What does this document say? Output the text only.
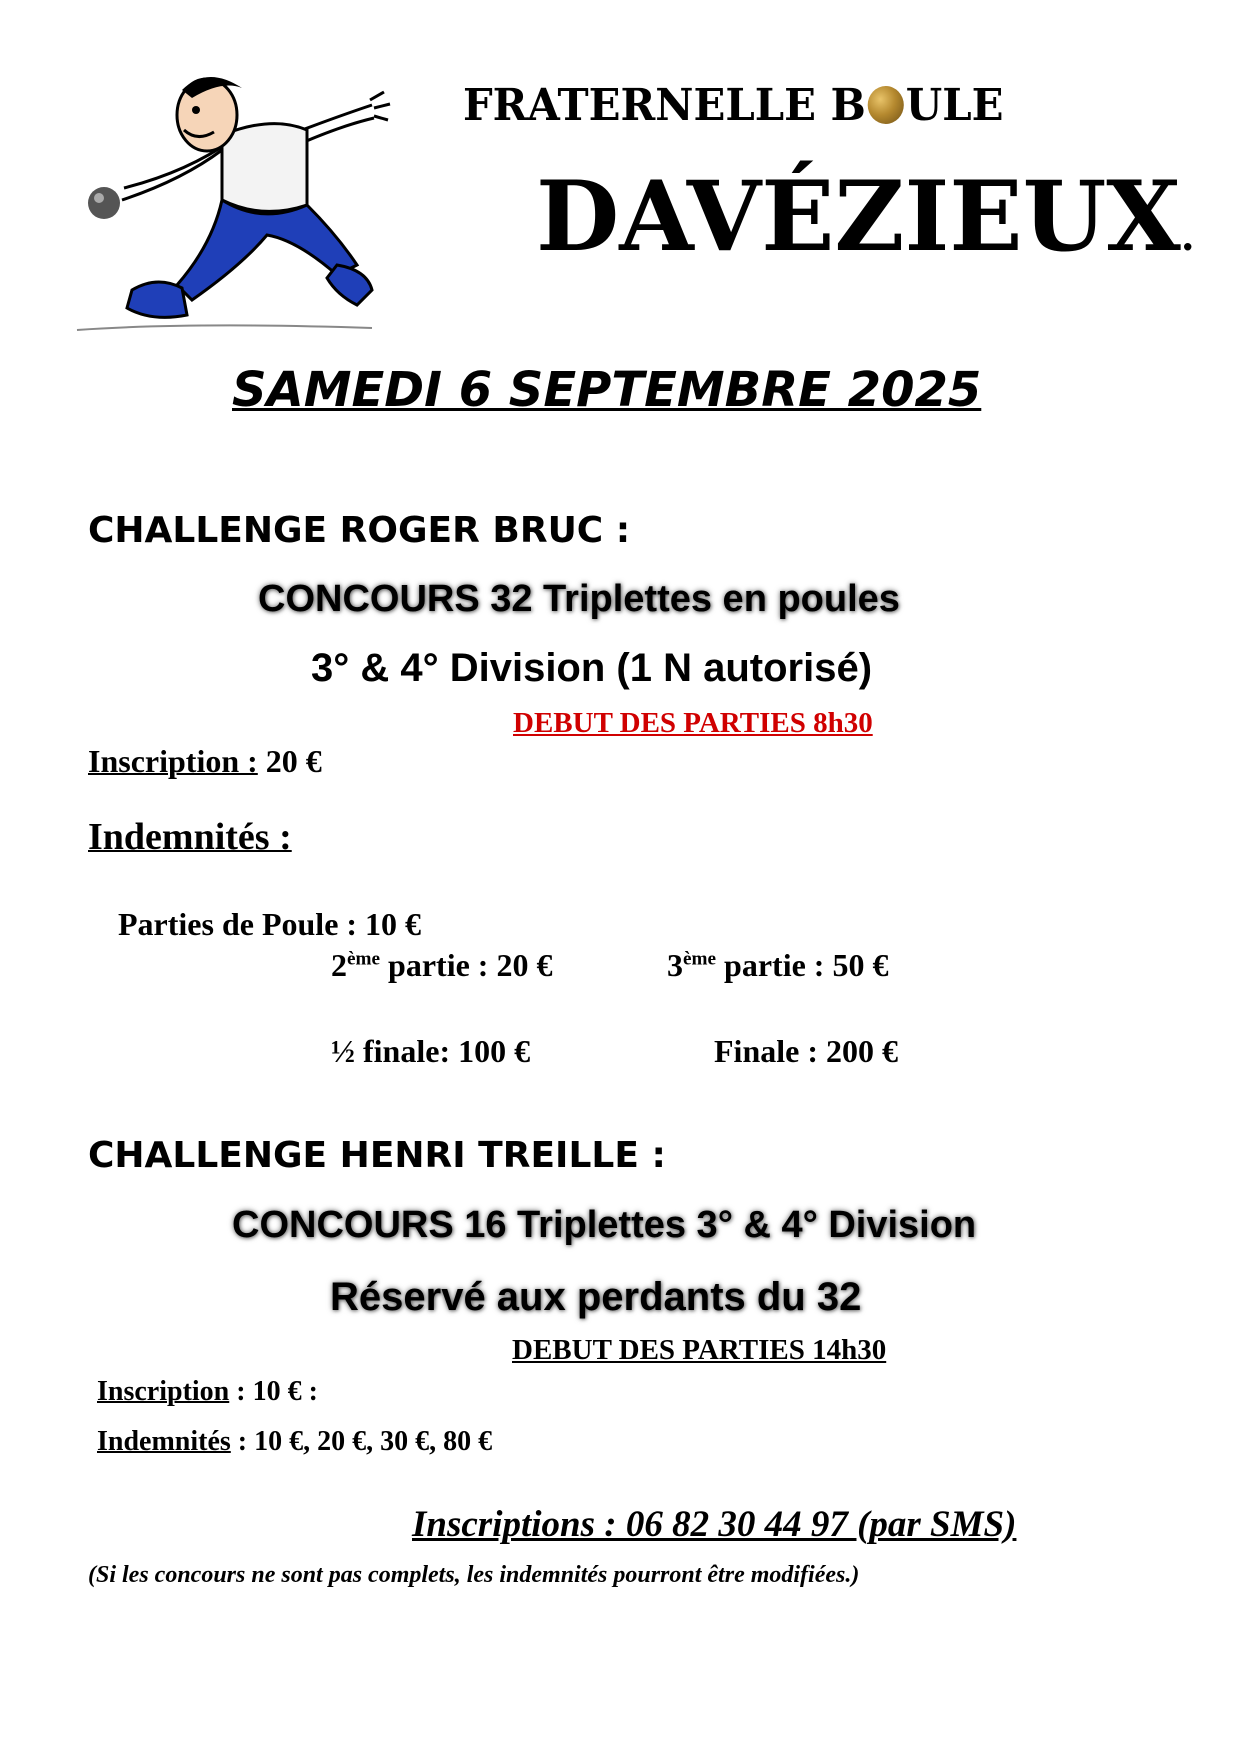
FRATERNELLE B ULE
DAVÉZIEUX.
SAMEDI 6 SEPTEMBRE 2025
CHALLENGE ROGER BRUC :
CONCOURS 32 Triplettes en poules
3° & 4° Division (1 N autorisé)
DEBUT DES PARTIES 8h30
Inscription : 20 €
Indemnités :
Parties de Poule : 10 €
2ème partie : 20 €	3ème partie : 50 €
½ finale: 100 €	Finale : 200 €
CHALLENGE HENRI TREILLE :
CONCOURS 16 Triplettes 3° & 4° Division
Réservé aux perdants du 32
DEBUT DES PARTIES 14h30
Inscription : 10 € :
Indemnités : 10 €, 20 €, 30 €, 80 €
Inscriptions : 06 82 30 44 97 (par SMS)
(Si les concours ne sont pas complets, les indemnités pourront être modifiées.)
